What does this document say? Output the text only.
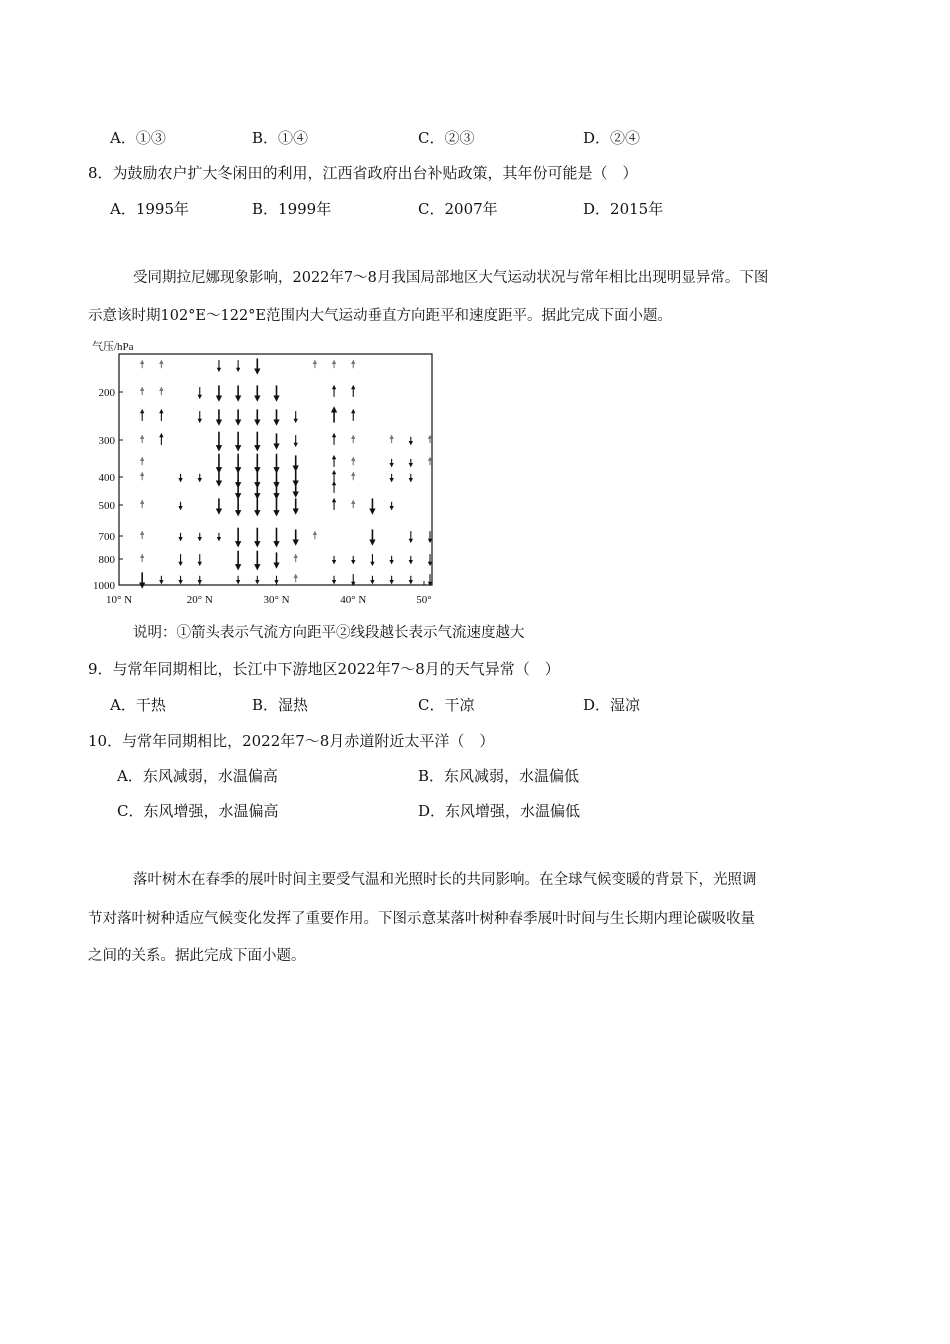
A．①③	B．①④	C．②③	D．②④
8．为鼓励农户扩大冬闲田的利用，江西省政府出台补贴政策，其年份可能是（　）
A．1995年	B．1999年	C．2007年	D．2015年
受同期拉尼娜现象影响，2022年7～8月我国局部地区大气运动状况与常年相比出现明显异常。下图
示意该时期102°E～122°E范围内大气运动垂直方向距平和速度距平。据此完成下面小题。
气压/hPa
200
300
400
500
700
800
1000
10° N	20° N	30° N	40° N	50°
说明：①箭头表示气流方向距平②线段越长表示气流速度越大
9．与常年同期相比，长江中下游地区2022年7～8月的天气异常（　）
A．干热	B．湿热	C．干凉	D．湿凉
10．与常年同期相比，2022年7～8月赤道附近太平洋（　）
A．东风减弱，水温偏高	B．东风减弱，水温偏低
C．东风增强，水温偏高	D．东风增强，水温偏低
落叶树木在春季的展叶时间主要受气温和光照时长的共同影响。在全球气候变暖的背景下，光照调
节对落叶树种适应气候变化发挥了重要作用。下图示意某落叶树种春季展叶时间与生长期内理论碳吸收量
之间的关系。据此完成下面小题。
